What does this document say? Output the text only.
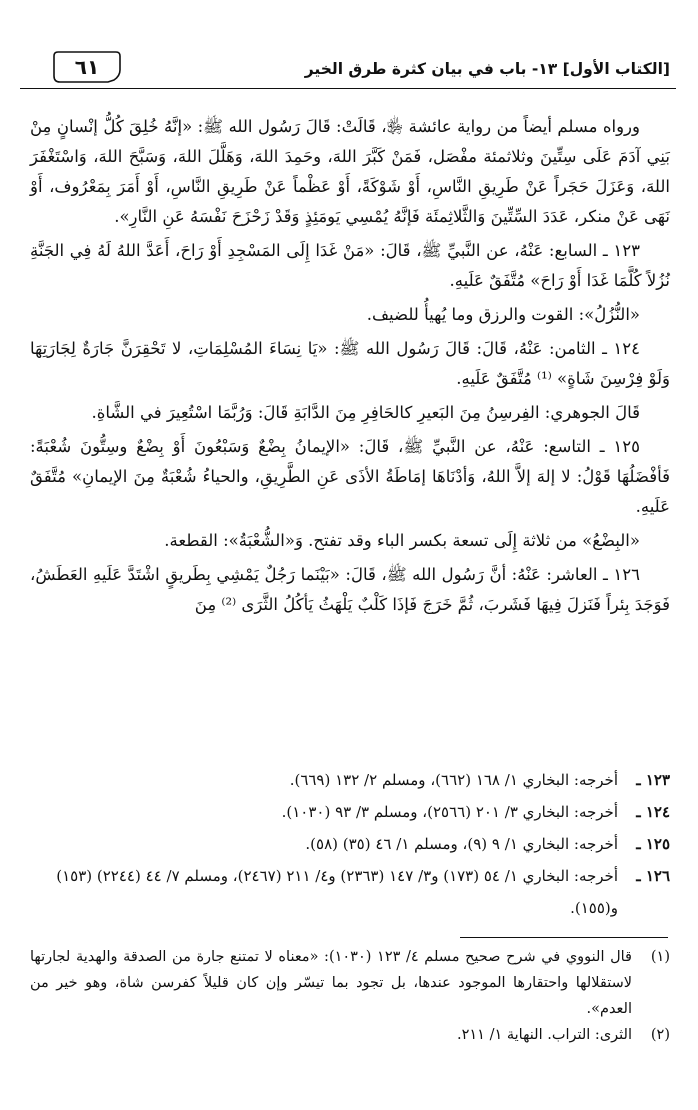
[الكتاب الأول] ١٣- باب في بيان كثرة طرق الخير
٦١

ورواه مسلم أيضاً من رواية عائشة ﵂، قَالَتْ: قَالَ رَسُول الله ﷺ: «إنَّهُ خُلِقَ كُلُّ إنْسانٍ مِنْ بَنِي آدَمَ عَلَى سِتِّينَ وثلاثمئة مفْصَل، فَمَنْ كَبَّرَ اللهَ، وحَمِدَ اللهَ، وَهَلَّلَ اللهَ، وَسَبَّحَ اللهَ، وَاسْتَغْفَرَ اللهَ، وَعَزَلَ حَجَراً عَنْ طَرِيقِ النَّاسِ، أَوْ شَوْكَةً، أَوْ عَظْماً عَنْ طَرِيقِ النَّاسِ، أَوْ أَمَرَ بِمَعْرُوف، أَوْ نَهَى عَنْ منكر، عَدَدَ السِّتِّينَ وَالثَّلاثِمئَة فَإنَّهُ يُمْسِي يَومَئِذٍ وَقَدْ زَحْزَحَ نَفْسَهُ عَنِ النَّارِ».

١٢٣ ـ السابع: عَنْهُ، عن النَّبيِّ ﷺ، قَالَ: «مَنْ غَدَا إِلَى المَسْجِدِ أَوْ رَاحَ، أَعَدَّ اللهُ لَهُ فِي الجَنَّةِ نُزُلاً كُلَّمَا غَدَا أَوْ رَاحَ» مُتَّفَقٌ عَلَيهِ.

«النُّزُلُ»: القوت والرزق وما يُهيأُ للضيف.

١٢٤ ـ الثامن: عَنْهُ، قَالَ: قَالَ رَسُول الله ﷺ: «يَا نِسَاءَ المُسْلِمَاتِ، لا تَحْقِرَنَّ جَارَةٌ لِجَارَتِهَا وَلَوْ فِرْسِنَ شَاةٍ» ⁽¹⁾ مُتَّفَقٌ عَلَيهِ.

قَالَ الجوهري: الفِرسِنُ مِنَ البَعيرِ كالحَافِرِ مِنَ الدَّابَةِ قَالَ: وَرُبَّمَا اسْتُعِيرَ في الشَّاةِ.

١٢٥ ـ التاسع: عَنْهُ، عن النَّبيِّ ﷺ، قَالَ: «الإيمانُ بِضْعٌ وَسَبْعُونَ أَوْ بِضْعٌ وسِتُّونَ شُعْبَةً: فَأفْضَلُهَا قَوْلُ: لا إلهَ إلاَّ اللهُ، وَأدْنَاهَا إمَاطَةُ الأذَى عَنِ الطَّرِيقِ، والحياءُ شُعْبَةٌ مِنَ الإيمانِ» مُتَّفَقٌ عَلَيهِ.

«البِضْعُ» من ثلاثة إِلَى تسعة بكسر الباء وقد تفتح. وَ«الشُّعْبَةُ»: القطعة.

١٢٦ ـ العاشر: عَنْهُ: أنَّ رَسُول الله ﷺ، قَالَ: «بَيْنَما رَجُلٌ يَمْشِي بِطَريقٍ اشْتَدَّ عَلَيهِ العَطَشُ، فَوَجَدَ بِئراً فَنَزلَ فِيهَا فَشَربَ، ثُمَّ خَرَجَ فَإذَا كَلْبٌ يَلْهَثُ يَأكُلُ الثَّرَى ⁽²⁾ مِنَ

١٢٣ ـ
أخرجه: البخاري ١/ ١٦٨ (٦٦٢)، ومسلم ٢/ ١٣٢ (٦٦٩).
١٢٤ ـ
أخرجه: البخاري ٣/ ٢٠١ (٢٥٦٦)، ومسلم ٣/ ٩٣ (١٠٣٠).
١٢٥ ـ
أخرجه: البخاري ١/ ٩ (٩)، ومسلم ١/ ٤٦ (٣٥) (٥٨).
١٢٦ ـ
أخرجه: البخاري ١/ ٥٤ (١٧٣) و٣/ ١٤٧ (٢٣٦٣) و٤/ ٢١١ (٢٤٦٧)، ومسلم ٧/ ٤٤ (٢٢٤٤) (١٥٣) و(١٥٥).
(١)
قال النووي في شرح صحيح مسلم ٤/ ١٢٣ (١٠٣٠): «معناه لا تمتنع جارة من الصدقة والهدية لجارتها لاستقلالها واحتقارها الموجود عندها، بل تجود بما تيسّر وإن كان قليلاً كفرسن شاة، وهو خير من العدم».
(٢)
الثرى: التراب. النهاية ١/ ٢١١.
